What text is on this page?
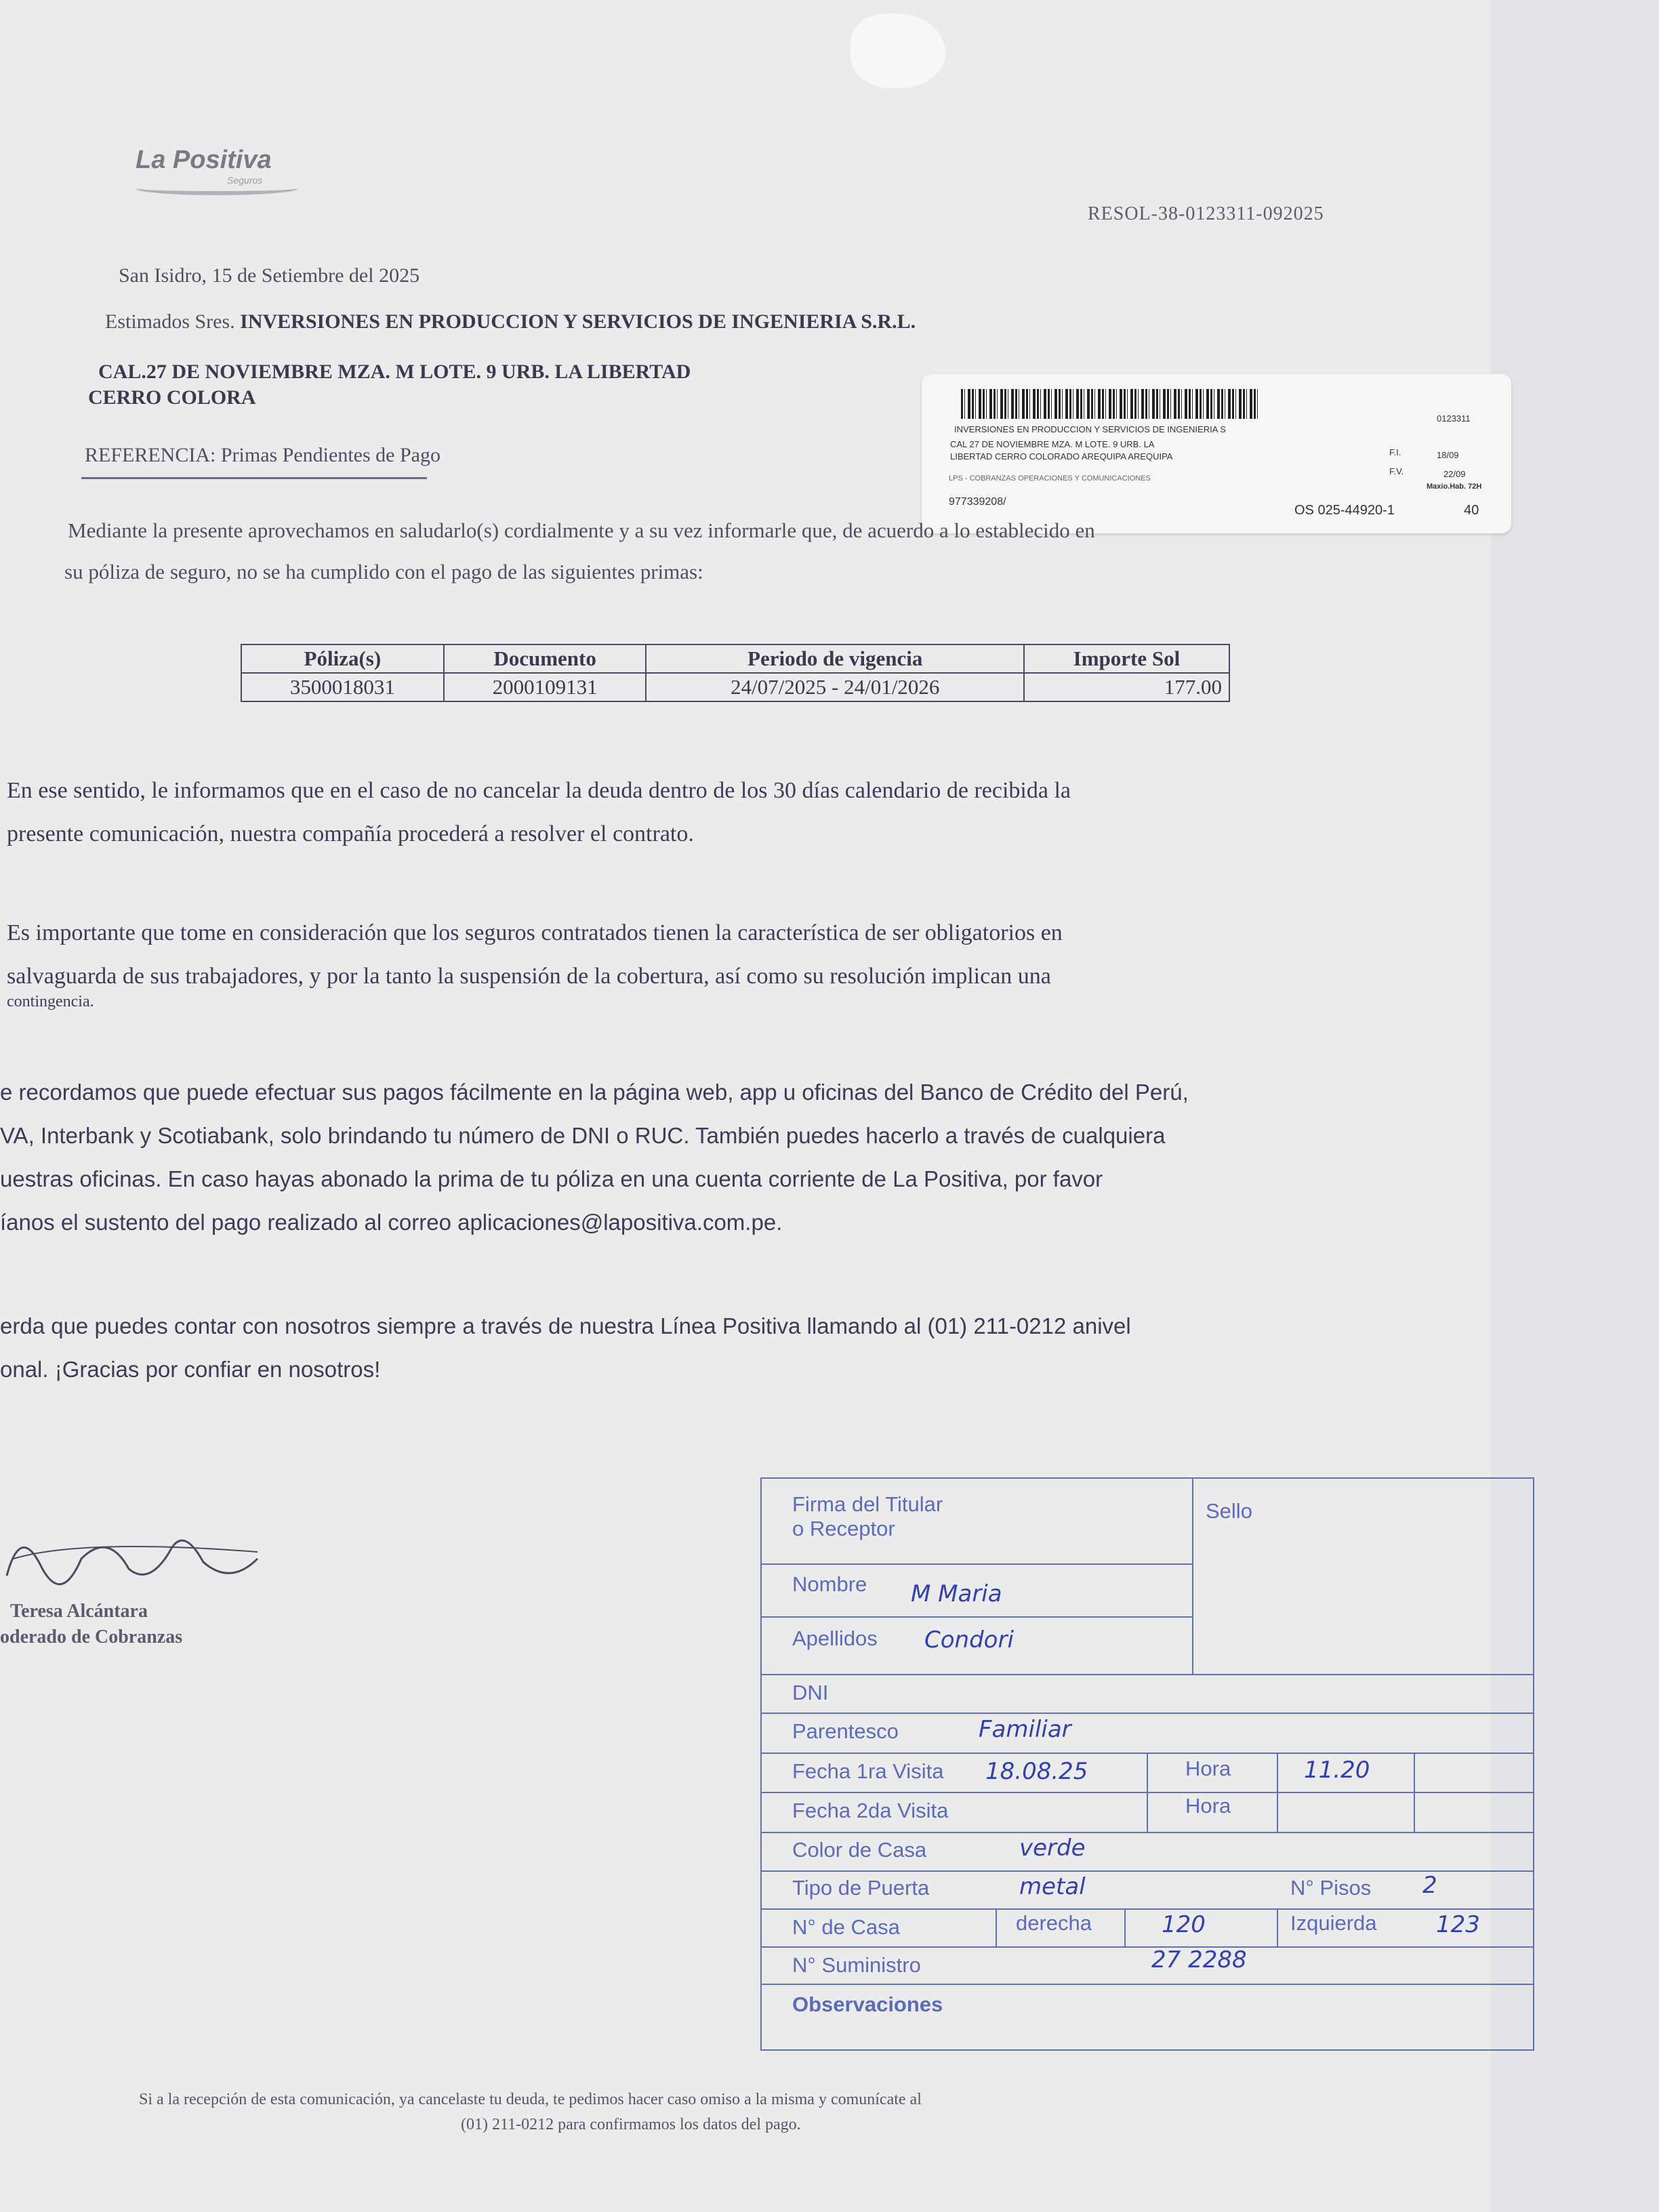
La Positiva
Seguros
RESOL-38-0123311-092025
San Isidro, 15 de Setiembre del 2025
Estimados Sres. INVERSIONES EN PRODUCCION Y SERVICIOS DE INGENIERIA S.R.L.
CAL.27 DE NOVIEMBRE MZA. M LOTE. 9 URB. LA LIBERTAD
CERRO COLORA
REFERENCIA: Primas Pendientes de Pago
INVERSIONES EN PRODUCCION Y SERVICIOS DE INGENIERIA S
0123311
CAL 27 DE NOVIEMBRE MZA. M LOTE. 9 URB. LA
LIBERTAD CERRO COLORADO AREQUIPA AREQUIPA
LPS - COBRANZAS OPERACIONES Y COMUNICACIONES
F.I.	18/09
F.V.	22/09
Maxio.Hab. 72H
977339208/
OS 025-44920-1	40
Mediante la presente aprovechamos en saludarlo(s) cordialmente y a su vez informarle que, de acuerdo a lo establecido en
su póliza de seguro, no se ha cumplido con el pago de las siguientes primas:
Póliza(s)	Documento	Periodo de vigencia	Importe Sol
3500018031	2000109131	24/07/2025 - 24/01/2026	177.00
En ese sentido, le informamos que en el caso de no cancelar la deuda dentro de los 30 días calendario de recibida la
presente comunicación, nuestra compañía procederá a resolver el contrato.
Es importante que tome en consideración que los seguros contratados tienen la característica de ser obligatorios en
salvaguarda de sus trabajadores, y por la tanto la suspensión de la cobertura, así como su resolución implican una
contingencia.
e recordamos que puede efectuar sus pagos fácilmente en la página web, app u oficinas del Banco de Crédito del Perú,
VA, Interbank y Scotiabank, solo brindando tu número de DNI o RUC. También puedes hacerlo a través de cualquiera
uestras oficinas. En caso hayas abonado la prima de tu póliza en una cuenta corriente de La Positiva, por favor
íanos el sustento del pago realizado al correo aplicaciones@lapositiva.com.pe.
erda que puedes contar con nosotros siempre a través de nuestra Línea Positiva llamando al (01) 211-0212 anivel
onal. ¡Gracias por confiar en nosotros!
Teresa Alcántara
oderado de Cobranzas
Si a la recepción de esta comunicación, ya cancelaste tu deuda, te pedimos hacer caso omiso a la misma y comunícate al
(01) 211-0212 para confirmamos los datos del pago.
Firma del Titular
o Receptor
Sello
Nombre M Maria
Apellidos Condori
DNI
Parentesco	Familiar
Fecha 1ra Visita 18.08.25	Hora	11.20
Fecha 2da Visita	Hora
Color de Casa	verde
Tipo de Puerta	metal	N° Pisos 2
N° de Casa	derecha	120	Izquierda	123
N° Suministro	27 2288
Observaciones
